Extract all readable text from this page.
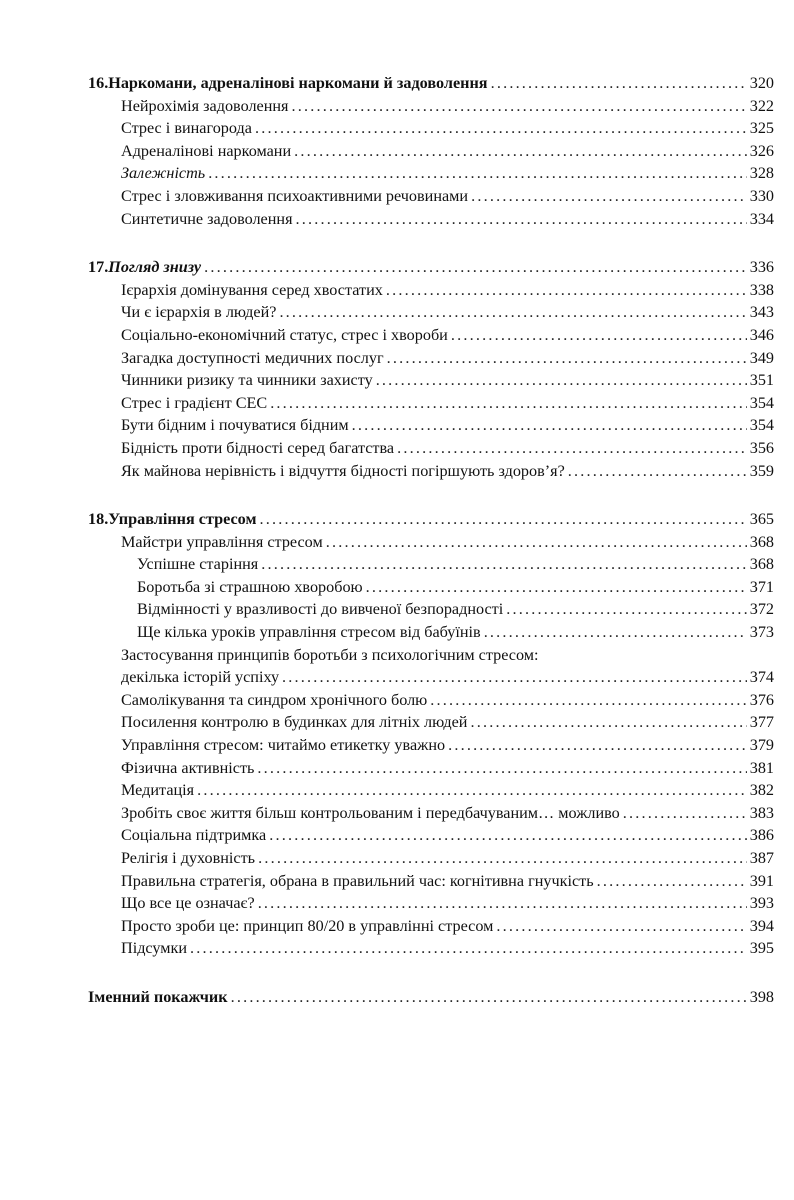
16. Наркомани, адреналінові наркомани й задоволення .....	320
Нейрохімія задоволення .....	322
Стрес і винагорода .....	325
Адреналінові наркомани .....	326
Залежність .....	328
Стрес і зловживання психоактивними речовинами .....	330
Синтетичне задоволення .....	334
17. Погляд знизу .....	336
Ієрархія домінування серед хвостатих .....	338
Чи є ієрархія в людей? .....	343
Соціально-економічний статус, стрес і хвороби .....	346
Загадка доступності медичних послуг .....	349
Чинники ризику та чинники захисту .....	351
Стрес і градієнт СЕС .....	354
Бути бідним і почуватися бідним .....	354
Бідність проти бідності серед багатства .....	356
Як майнова нерівність і відчуття бідності погіршують здоров’я? .....	359
18. Управління стресом .....	365
Майстри управління стресом .....	368
Успішне старіння .....	368
Боротьба зі страшною хворобою .....	371
Відмінності у вразливості до вивченої безпорадності .....	372
Ще кілька уроків управління стресом від бабуїнів .....	373
Застосування принципів боротьби з психологічним стресом:
декілька історій успіху .....	374
Самолікування та синдром хронічного болю .....	376
Посилення контролю в будинках для літніх людей .....	377
Управління стресом: читаймо етикетку уважно .....	379
Фізична активність .....	381
Медитація .....	382
Зробіть своє життя більш контрольованим і передбачуваним… можливо .....	383
Соціальна підтримка .....	386
Релігія і духовність .....	387
Правильна стратегія, обрана в правильний час: когнітивна гнучкість .....	391
Що все це означає? .....	393
Просто зроби це: принцип 80/20 в управлінні стресом .....	394
Підсумки .....	395
Іменний покажчик .....	398
